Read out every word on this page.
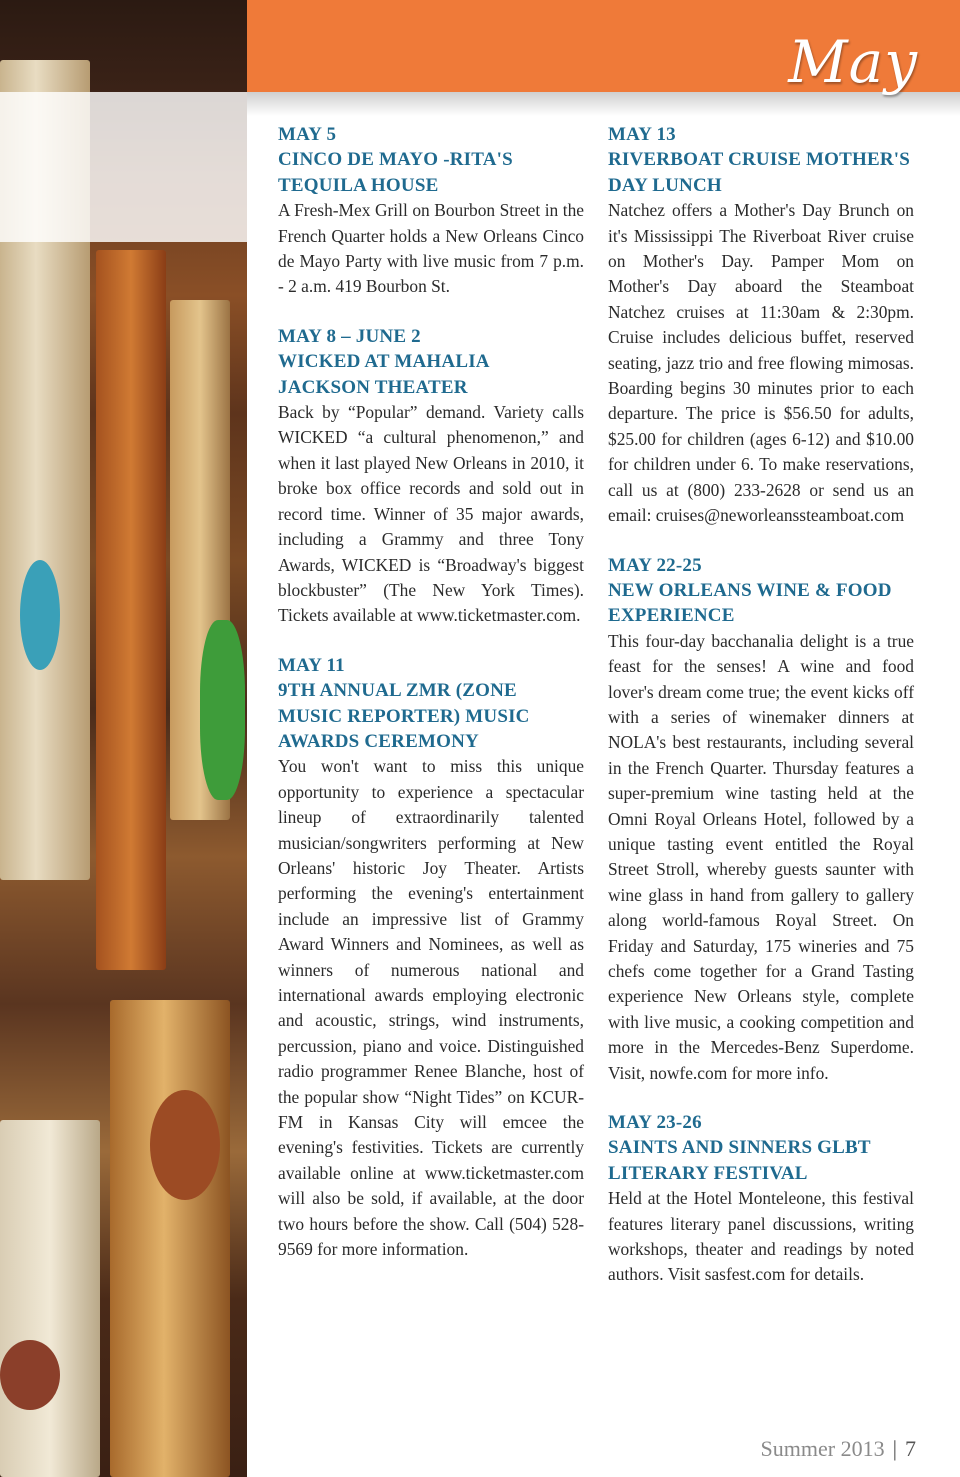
May
MAY 5
CINCO DE MAYO -RITA'S TEQUILA HOUSE

A Fresh-Mex Grill on Bourbon Street in the French Quarter holds a New Orleans Cinco de Mayo Party with live music from 7 p.m. - 2 a.m. 419 Bourbon St.

MAY 8 – JUNE 2
WICKED AT MAHALIA JACKSON THEATER

Back by “Popular” demand. Variety calls WICKED “a cultural phenomenon,” and when it last played New Orleans in 2010, it broke box office records and sold out in record time. Winner of 35 major awards, including a Grammy and three Tony Awards, WICKED is “Broadway's biggest blockbuster” (The New York Times). Tickets available at www.ticketmaster.com.

MAY 11
9TH ANNUAL ZMR (ZONE MUSIC REPORTER) MUSIC AWARDS CEREMONY

You won't want to miss this unique opportunity to experience a spectacular lineup of extraordinarily talented musician/songwriters performing at New Orleans' historic Joy Theater. Artists performing the evening's entertainment include an impressive list of Grammy Award Winners and Nominees, as well as winners of numerous national and international awards employing electronic and acoustic, strings, wind instruments, percussion, piano and voice. Distinguished radio programmer Renee Blanche, host of the popular show “Night Tides” on KCUR-FM in Kansas City will emcee the evening's festivities. Tickets are currently available online at www.ticketmaster.com will also be sold, if available, at the door two hours before the show. Call (504) 528-9569 for more information.

MAY 13
RIVERBOAT CRUISE MOTHER'S DAY LUNCH

Natchez offers a Mother's Day Brunch on it's Mississippi The Riverboat River cruise on Mother's Day. Pamper Mom on Mother's Day aboard the Steamboat Natchez cruises at 11:30am & 2:30pm. Cruise includes delicious buffet, reserved seating, jazz trio and free flowing mimosas. Boarding begins 30 minutes prior to each departure. The price is $56.50 for adults, $25.00 for children (ages 6-12) and $10.00 for children under 6. To make reservations, call us at (800) 233-2628 or send us an email: cruises@neworleanssteamboat.com

MAY 22-25
NEW ORLEANS WINE & FOOD EXPERIENCE

This four-day bacchanalia delight is a true feast for the senses! A wine and food lover's dream come true; the event kicks off with a series of winemaker dinners at NOLA's best restaurants, including several in the French Quarter. Thursday features a super-premium wine tasting held at the Omni Royal Orleans Hotel, followed by a unique tasting event entitled the Royal Street Stroll, whereby guests saunter with wine glass in hand from gallery to gallery along world-famous Royal Street. On Friday and Saturday, 175 wineries and 75 chefs come together for a Grand Tasting experience New Orleans style, complete with live music, a cooking competition and more in the Mercedes-Benz Superdome. Visit, nowfe.com for more info.

MAY 23-26
SAINTS AND SINNERS GLBT LITERARY FESTIVAL

Held at the Hotel Monteleone, this festival features literary panel discussions, writing workshops, theater and readings by noted authors. Visit sasfest.com for details.

Summer 2013 | 7
